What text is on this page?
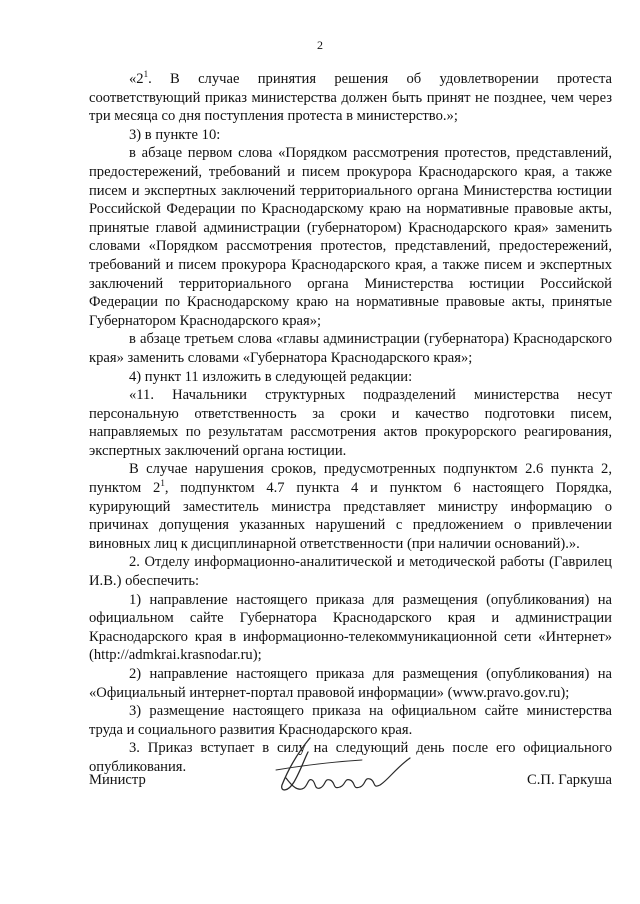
2

«$2^1$. В случае принятия решения об удовлетворении протеста соответствующий приказ министерства должен быть принят не позднее, чем через три месяца со дня поступления протеста в министерство.»;

3) в пункте 10:

в абзаце первом слова «Порядком рассмотрения протестов, представлений, предостережений, требований и писем прокурора Краснодарского края, а также писем и экспертных заключений территориального органа Министерства юстиции Российской Федерации по Краснодарскому краю на нормативные правовые акты, принятые главой администрации (губернатором) Краснодарского края» заменить словами «Порядком рассмотрения протестов, представлений, предостережений, требований и писем прокурора Краснодарского края, а также писем и экспертных заключений территориального органа Министерства юстиции Российской Федерации по Краснодарскому краю на нормативные правовые акты, принятые Губернатором Краснодарского края»;

в абзаце третьем слова «главы администрации (губернатора) Краснодарского края» заменить словами «Губернатора Краснодарского края»;

4) пункт 11 изложить в следующей редакции:

«11. Начальники структурных подразделений министерства несут персональную ответственность за сроки и качество подготовки писем, направляемых по результатам рассмотрения актов прокурорского реагирования, экспертных заключений органа юстиции.

В случае нарушения сроков, предусмотренных подпунктом 2.6 пункта 2, пунктом $2^1$, подпунктом 4.7 пункта 4 и пунктом 6 настоящего Порядка, курирующий заместитель министра представляет министру информацию о причинах допущения указанных нарушений с предложением о привлечении виновных лиц к дисциплинарной ответственности (при наличии оснований).».

2. Отделу информационно-аналитической и методической работы (Гаврилец И.В.) обеспечить:

1) направление настоящего приказа для размещения (опубликования) на официальном сайте Губернатора Краснодарского края и администрации Краснодарского края в информационно-телекоммуникационной сети «Интернет» (http://admkrai.krasnodar.ru);

2) направление настоящего приказа для размещения (опубликования) на «Официальный интернет-портал правовой информации» (www.pravo.gov.ru);

3) размещение настоящего приказа на официальном сайте министерства труда и социального развития Краснодарского края.

3. Приказ вступает в силу на следующий день после его официального опубликования.

Министр	С.П. Гаркуша
